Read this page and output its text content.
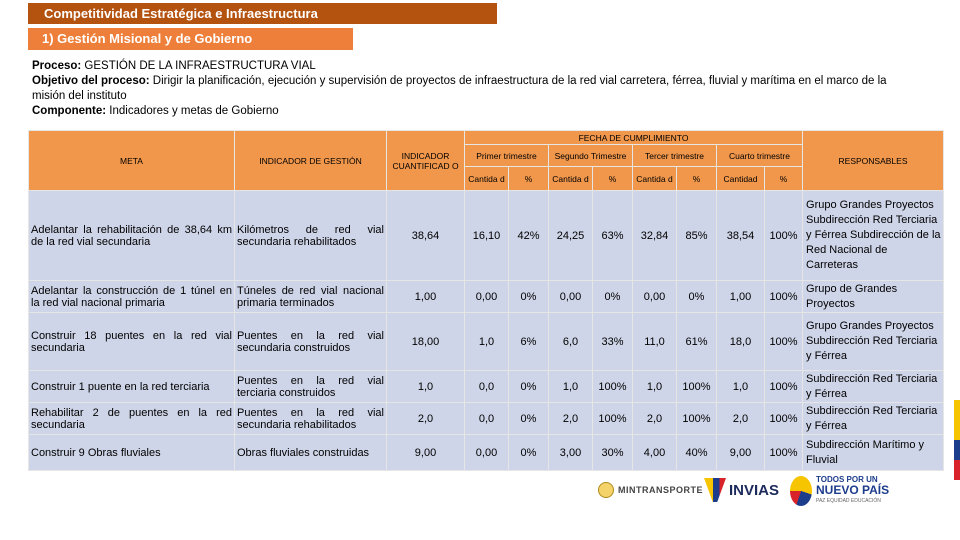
Competitividad Estratégica e Infraestructura
1) Gestión Misional y de Gobierno
Proceso: GESTIÓN DE LA INFRAESTRUCTURA VIAL
Objetivo del proceso: Dirigir la planificación, ejecución y supervisión de proyectos de infraestructura de la red vial carretera, férrea, fluvial y marítima en el marco de la misión del instituto
Componente: Indicadores y metas de Gobierno
META	INDICADOR DE GESTIÓN	INDICADOR CUANTIFICAD O	FECHA DE CUMPLIMIENTO								RESPONSABLES
			Primer trimestre		Segundo Trimestre		Tercer trimestre		Cuarto trimestre		
			Cantida d	%	Cantida d	%	Cantida d	%	Cantidad	%	
Adelantar la rehabilitación de 38,64 km de la red vial secundaria	Kilómetros de red vial secundaria rehabilitados	38,64	16,10	42%	24,25	63%	32,84	85%	38,54	100%	Grupo Grandes Proyectos Subdirección Red Terciaria y Férrea Subdirección de la Red Nacional de Carreteras
Adelantar la construcción de 1 túnel en la red vial nacional primaria	Túneles de red vial nacional primaria terminados	1,00	0,00	0%	0,00	0%	0,00	0%	1,00	100%	Grupo de Grandes Proyectos
Construir 18 puentes en la red vial secundaria	Puentes en la red vial secundaria construidos	18,00	1,0	6%	6,0	33%	11,0	61%	18,0	100%	Grupo Grandes Proyectos Subdirección Red Terciaria y Férrea
Construir 1 puente en la red terciaria	Puentes en la red vial terciaria construidos	1,0	0,0	0%	1,0	100%	1,0	100%	1,0	100%	Subdirección Red Terciaria y Férrea
Rehabilitar 2 de puentes en la red secundaria	Puentes en la red vial secundaria rehabilitados	2,0	0,0	0%	2,0	100%	2,0	100%	2,0	100%	Subdirección Red Terciaria y Férrea
Construir 9 Obras fluviales	Obras fluviales construidas	9,00	0,00	0%	3,00	30%	4,00	40%	9,00	100%	Subdirección Marítimo y Fluvial
MINTRANSPORTE INVIAS
TODOS POR UN
NUEVO PAÍS
PAZ EQUIDAD EDUCACIÓN
